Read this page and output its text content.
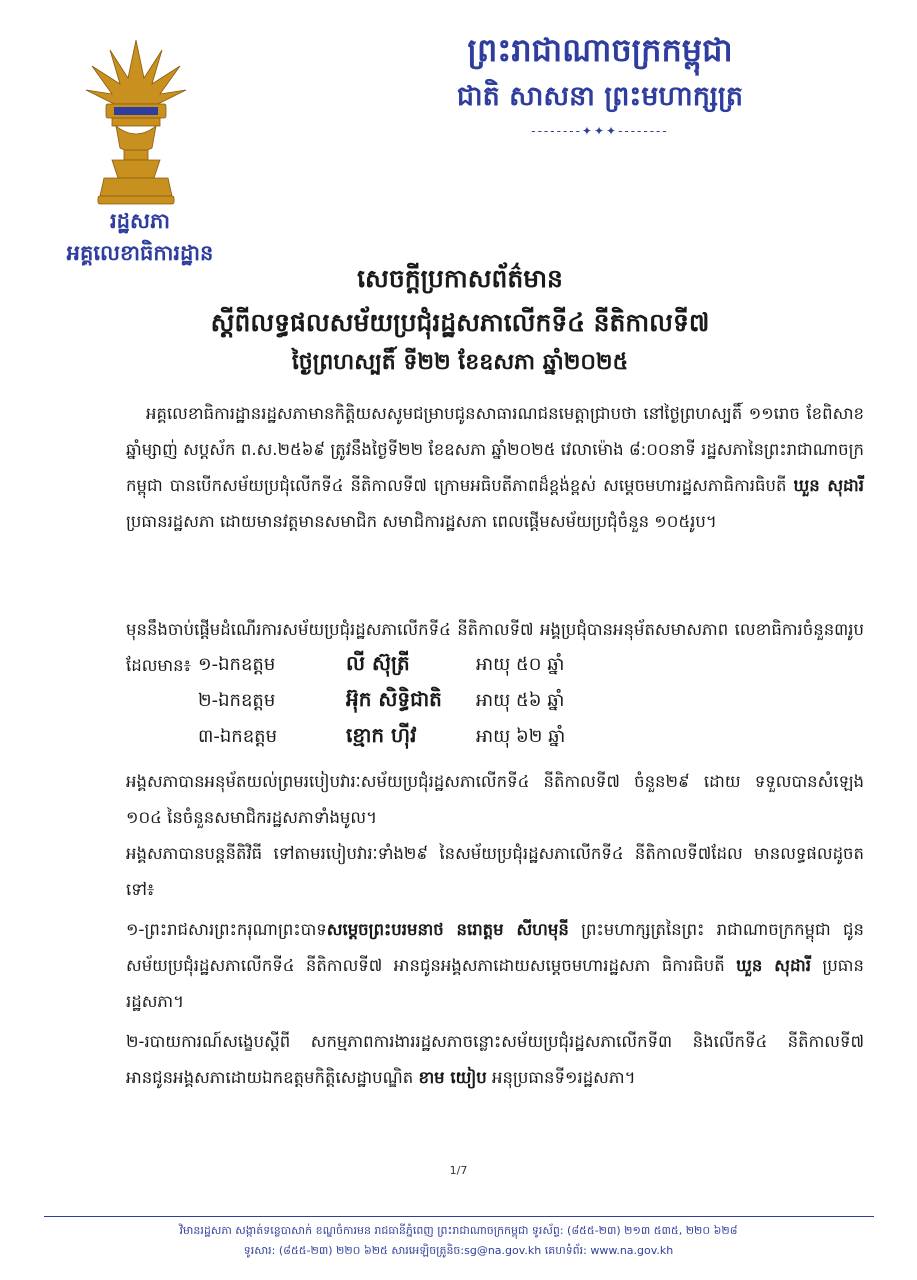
ព្រះរាជាណាចក្រកម្ពុជា
ជាតិ សាសនា ព្រះមហាក្សត្រ
--------✦✦✦--------
រដ្ឋសភា
អគ្គលេខាធិការដ្ឋាន
សេចក្តីប្រកាសព័ត៌មាន
ស្តីពីលទ្ធផលសម័យប្រជុំរដ្ឋសភាលើកទី៤ នីតិកាលទី៧
ថ្ងៃព្រហស្បតិ៍ ទី២២ ខែឧសភា ឆ្នាំ២០២៥
អគ្គលេខាធិការដ្ឋានរដ្ឋសភាមានកិត្តិយសសូមជម្រាបជូនសាធារណជនមេត្តាជ្រាបថា នៅថ្ងៃព្រហស្បតិ៍ ១១រោច ខែពិសាខ ឆ្នាំម្សាញ់ សប្តស័ក ព.ស.២៥៦៩ ត្រូវនឹងថ្ងៃទី២២ ខែឧសភា ឆ្នាំ២០២៥ វេលាម៉ោង ៨:០០នាទី រដ្ឋសភានៃព្រះរាជាណាចក្រកម្ពុជា បានបើកសម័យប្រជុំលើកទី៤ នីតិកាលទី៧ ក្រោមអធិបតីភាពដ៏ខ្ពង់ខ្ពស់ សម្តេចមហារដ្ឋសភាធិការធិបតី ឃួន សុដារី ប្រធានរដ្ឋសភា ដោយមានវត្តមានសមាជិក សមាជិការដ្ឋសភា ពេលផ្តើមសម័យប្រជុំចំនួន ១០៥រូប។
មុននឹងចាប់ផ្តើមដំណើរការសម័យប្រជុំរដ្ឋសភាលើកទី៤ នីតិកាលទី៧ អង្គប្រជុំបានអនុម័តសមាសភាព លេខាធិការចំនួន៣រូបដែលមាន៖ ១-ឯកឧត្តម	លី ស៊ុត្រី	អាយុ ៥០ ឆ្នាំ
២-ឯកឧត្តម	អ៊ុក សិទ្ធិជាតិ អាយុ ៥៦ ឆ្នាំ
៣-ឯកឧត្តម	ខ្មោក ហ៊ីវ	អាយុ ៦២ ឆ្នាំ
អង្គសភាបានអនុម័តយល់ព្រមរបៀបវារៈសម័យប្រជុំរដ្ឋសភាលើកទី៤ នីតិកាលទី៧ ចំនួន២៩ ដោយ ទទួលបានសំឡេង ១០៤ នៃចំនួនសមាជិករដ្ឋសភាទាំងមូល។
អង្គសភាបានបន្តនីតិវិធី ទៅតាមរបៀបវារៈទាំង២៩ នៃសម័យប្រជុំរដ្ឋសភាលើកទី៤ នីតិកាលទី៧ដែល មានលទ្ធផលដូចតទៅ៖
១-ព្រះរាជសារព្រះករុណាព្រះបាទសម្តេចព្រះបរមនាថ នរោត្តម សីហមុនី ព្រះមហាក្សត្រនៃព្រះ រាជាណាចក្រកម្ពុជា ជូនសម័យប្រជុំរដ្ឋសភាលើកទី៤ នីតិកាលទី៧ អានជូនអង្គសភាដោយសម្តេចមហារដ្ឋសភា ធិការធិបតី ឃួន សុដារី ប្រធានរដ្ឋសភា។
២-របាយការណ៍សង្ខេបស្តីពី សកម្មភាពការងាររដ្ឋសភាចន្លោះសម័យប្រជុំរដ្ឋសភាលើកទី៣ និងលើកទី៤ នីតិកាលទី៧ អានជូនអង្គសភាដោយឯកឧត្តមកិត្តិសេដ្ឋាបណ្ឌិត ខាម យៀប អនុប្រធានទី១រដ្ឋសភា។
1/7
វិមានរដ្ឋសភា សង្កាត់ទន្លេបាសាក់ ខណ្ឌចំការមន រាជធានីភ្នំពេញ ព្រះរាជាណាចក្រកម្ពុជា ទូរស័ព្ទ: (៨៥៥-២៣) ២១៣ ៥៣៥, ២២០ ៦២៨
ទូរសារ: (៨៥៥-២៣) ២២០ ៦២៥ សារអេឡិចត្រូនិច:sg@na.gov.kh គេហទំព័រ: www.na.gov.kh
